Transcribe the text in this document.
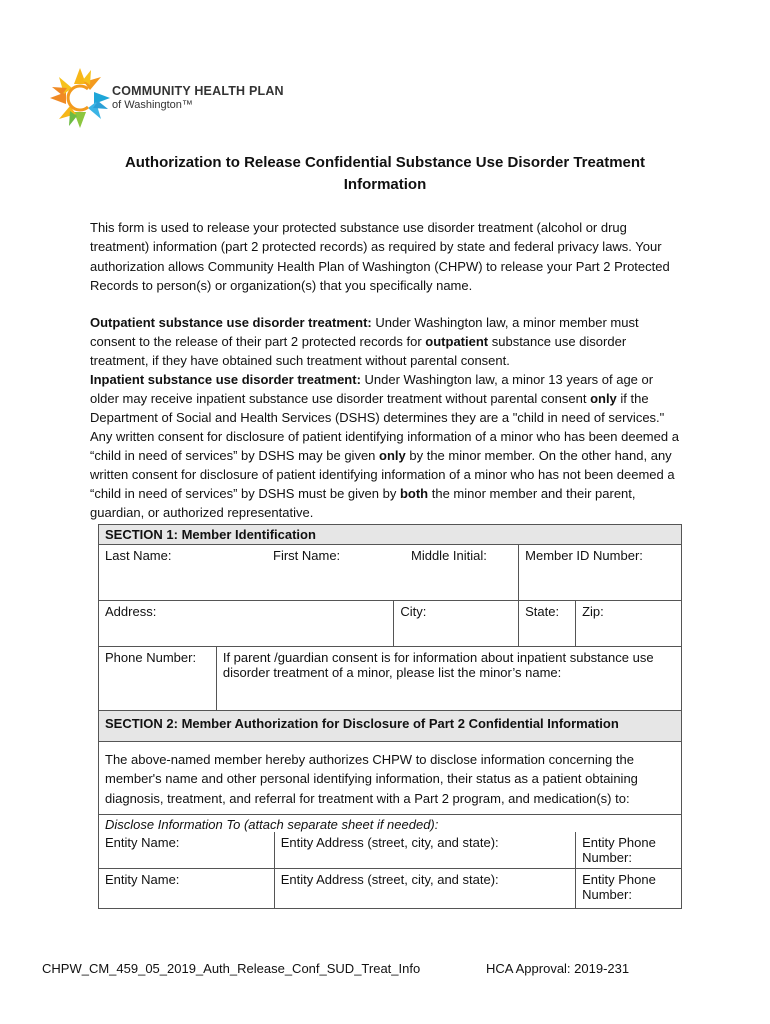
COMMUNITY HEALTH PLAN
of Washington™
Authorization to Release Confidential Substance Use Disorder Treatment
Information
This form is used to release your protected substance use disorder treatment (alcohol or drug treatment) information (part 2 protected records) as required by state and federal privacy laws. Your authorization allows Community Health Plan of Washington (CHPW) to release your Part 2 Protected Records to person(s) or organization(s) that you specifically name.

Outpatient substance use disorder treatment: Under Washington law, a minor member must consent to the release of their part 2 protected records for outpatient substance use disorder treatment, if they have obtained such treatment without parental consent.

Inpatient substance use disorder treatment: Under Washington law, a minor 13 years of age or older may receive inpatient substance use disorder treatment without parental consent only if the Department of Social and Health Services (DSHS) determines they are a "child in need of services." Any written consent for disclosure of patient identifying information of a minor who has been deemed a “child in need of services” by DSHS may be given only by the minor member. On the other hand, any written consent for disclosure of patient identifying information of a minor who has not been deemed a “child in need of services” by DSHS must be given by both the minor member and their parent, guardian, or authorized representative.

SECTION 1: Member Identification					
Last Name: First Name: Middle Initial:				Member ID Number:	
Address:			City:	State:	Zip:
Phone Number:	If parent /guardian consent is for information about inpatient substance use disorder treatment of a minor, please list the minor’s name:				
SECTION 2: Member Authorization for Disclosure of Part 2 Confidential Information					
The above-named member hereby authorizes CHPW to disclose information concerning the member's name and other personal identifying information, their status as a patient obtaining diagnosis, treatment, and referral for treatment with a Part 2 program, and medication(s) to:					
Disclose Information To (attach separate sheet if needed):					
Entity Name:		Entity Address (street, city, and state):			Entity Phone Number:
Entity Name:		Entity Address (street, city, and state):			Entity Phone Number:
CHPW_CM_459_05_2019_Auth_Release_Conf_SUD_Treat_Info	HCA Approval: 2019-231
